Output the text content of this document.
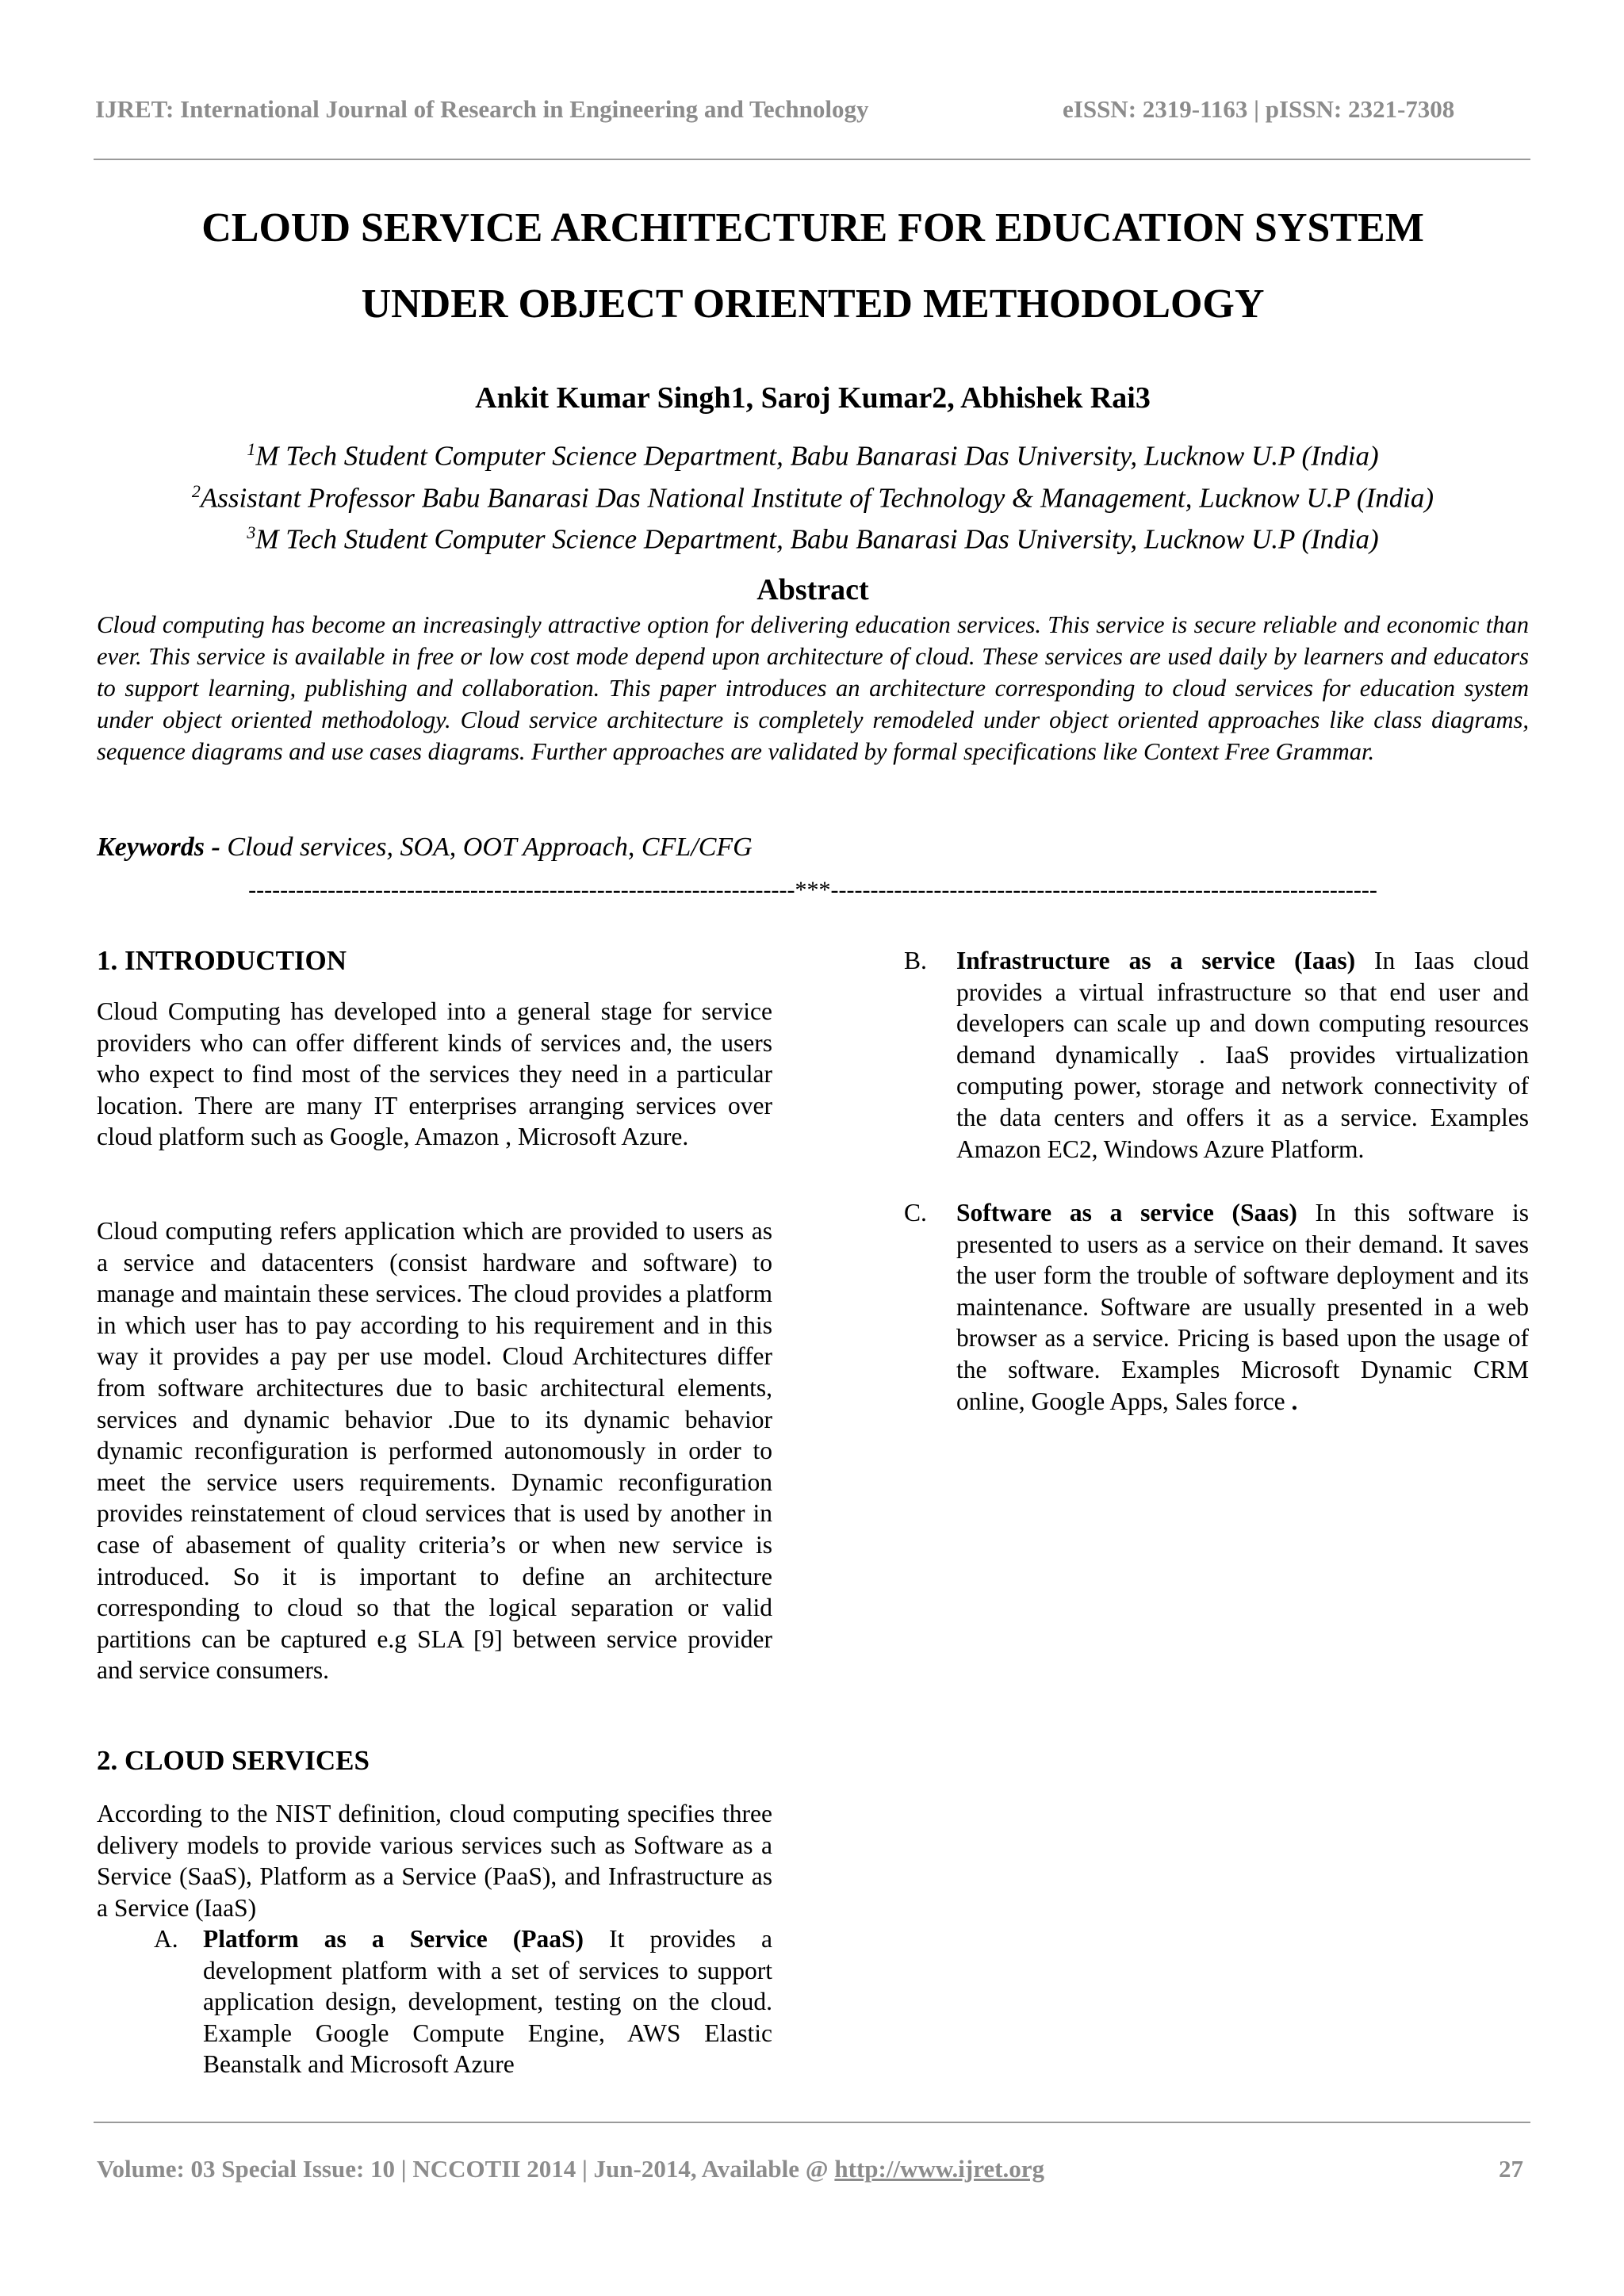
IJRET: International Journal of Research in Engineering and Technology	eISSN: 2319-1163 | pISSN: 2321-7308
CLOUD SERVICE ARCHITECTURE FOR EDUCATION SYSTEM
UNDER OBJECT ORIENTED METHODOLOGY
Ankit Kumar Singh1, Saroj Kumar2, Abhishek Rai3
$^1$M Tech Student Computer Science Department, Babu Banarasi Das University, Lucknow U.P (India)
$^2$Assistant Professor Babu Banarasi Das National Institute of Technology & Management, Lucknow U.P (India)
$^3$M Tech Student Computer Science Department, Babu Banarasi Das University, Lucknow U.P (India)
Abstract
Cloud computing has become an increasingly attractive option for delivering education services. This service is secure reliable and economic than ever. This service is available in free or low cost mode depend upon architecture of cloud. These services are used daily by learners and educators to support learning, publishing and collaboration. This paper introduces an architecture corresponding to cloud services for education system under object oriented methodology. Cloud service architecture is completely remodeled under object oriented approaches like class diagrams, sequence diagrams and use cases diagrams. Further approaches are validated by formal specifications like Context Free Grammar.
Keywords - Cloud services, SOA, OOT Approach, CFL/CFG
---------------------------------------------------------------------***---------------------------------------------------------------------
1. INTRODUCTION
Cloud Computing has developed into a general stage for service providers who can offer different kinds of services and, the users who expect to find most of the services they need in a particular location. There are many IT enterprises arranging services over cloud platform such as Google, Amazon , Microsoft Azure.
Cloud computing refers application which are provided to users as a service and datacenters (consist hardware and software) to manage and maintain these services. The cloud provides a platform in which user has to pay according to his requirement and in this way it provides a pay per use model. Cloud Architectures differ from software architectures due to basic architectural elements, services and dynamic behavior .Due to its dynamic behavior dynamic reconfiguration is performed autonomously in order to meet the service users requirements. Dynamic reconfiguration provides reinstatement of cloud services that is used by another in case of abasement of quality criteria’s or when new service is introduced. So it is important to define an architecture corresponding to cloud so that the logical separation or valid partitions can be captured e.g SLA [9] between service provider and service consumers.
2. CLOUD SERVICES
According to the NIST definition, cloud computing specifies three delivery models to provide various services such as Software as a Service (SaaS), Platform as a Service (PaaS), and Infrastructure as a Service (IaaS)
A. Platform as a Service (PaaS) It provides a development platform with a set of services to support application design, development, testing on the cloud. Example Google Compute Engine, AWS Elastic Beanstalk and Microsoft Azure
B. Infrastructure as a service (Iaas) In Iaas cloud provides a virtual infrastructure so that end user and developers can scale up and down computing resources demand dynamically . IaaS provides virtualization computing power, storage and network connectivity of the data centers and offers it as a service. Examples Amazon EC2, Windows Azure Platform.
C. Software as a service (Saas) In this software is presented to users as a service on their demand. It saves the user form the trouble of software deployment and its maintenance. Software are usually presented in a web browser as a service. Pricing is based upon the usage of the software. Examples Microsoft Dynamic CRM online, Google Apps, Sales force .
Volume: 03 Special Issue: 10 | NCCOTII 2014 | Jun-2014, Available @ http://www.ijret.org	27
